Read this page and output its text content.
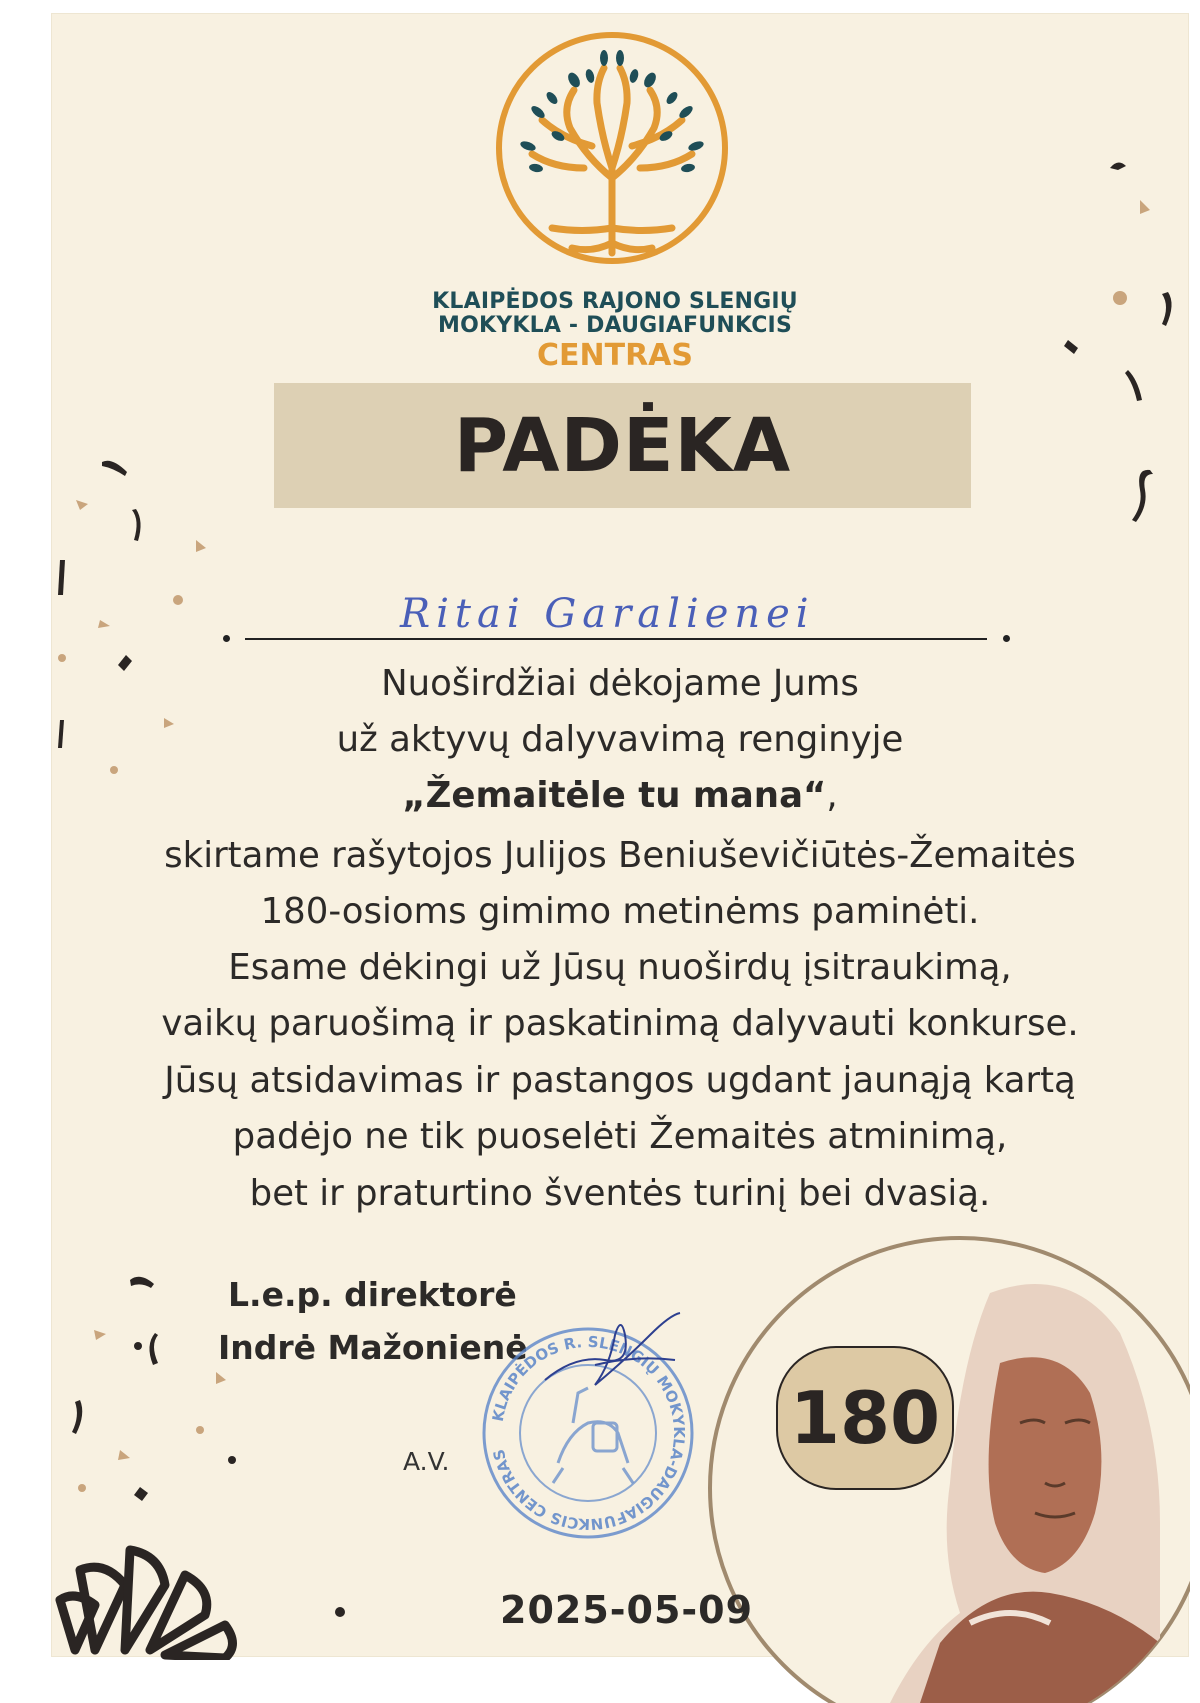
KLAIPĖDOS RAJONO SLENGIŲ
MOKYKLA - DAUGIAFUNKCIS
CENTRAS
PADĖKA
Ritai Garalienei
Nuoširdžiai dėkojame Jums
už aktyvų dalyvavimą renginyje
„Žemaitėle tu mana“,
skirtame rašytojos Julijos Beniuševičiūtės-Žemaitės
180-osioms gimimo metinėms paminėti.
Esame dėkingi už Jūsų nuoširdų įsitraukimą,
vaikų paruošimą ir paskatinimą dalyvauti konkurse.
Jūsų atsidavimas ir pastangos ugdant jaunąją kartą
padėjo ne tik puoselėti Žemaitės atminimą,
bet ir praturtino šventės turinį bei dvasią.
L.e.p. direktorė
Indrė Mažonienė
A.V.
180
KLAIPĖDOS R. SLENGIŲ MOKYKLA-DAUGIAFUNKCIS CENTRAS
2025-05-09
